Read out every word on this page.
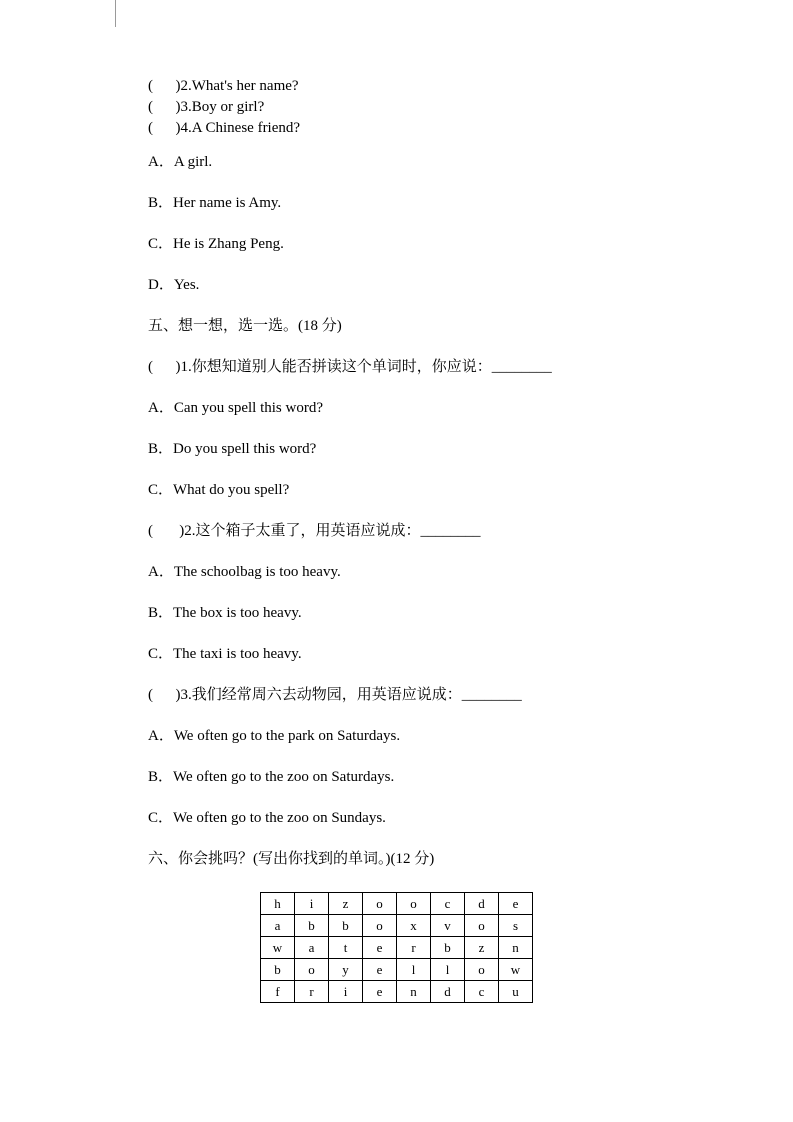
(      )2.What's her name?

(      )3.Boy or girl?

(      )4.A Chinese friend?

A．A girl.

B．Her name is Amy.

C．He is Zhang Peng.

D．Yes.

五、想一想，选一选。(18 分)

(      )1.你想知道别人能否拼读这个单词时，你应说：________

A．Can you spell this word?

B．Do you spell this word?

C．What do you spell?

(       )2.这个箱子太重了，用英语应说成：________

A．The schoolbag is too heavy.

B．The box is too heavy.

C．The taxi is too heavy.

(      )3.我们经常周六去动物园，用英语应说成：________

A．We often go to the park on Saturdays.

B．We often go to the zoo on Saturdays.

C．We often go to the zoo on Sundays.

六、你会挑吗？(写出你找到的单词。)(12 分)

h	i	z	o	o	c	d	e
a	b	b	o	x	v	o	s
w	a	t	e	r	b	z	n
b	o	y	e	l	l	o	w
f	r	i	e	n	d	c	u
